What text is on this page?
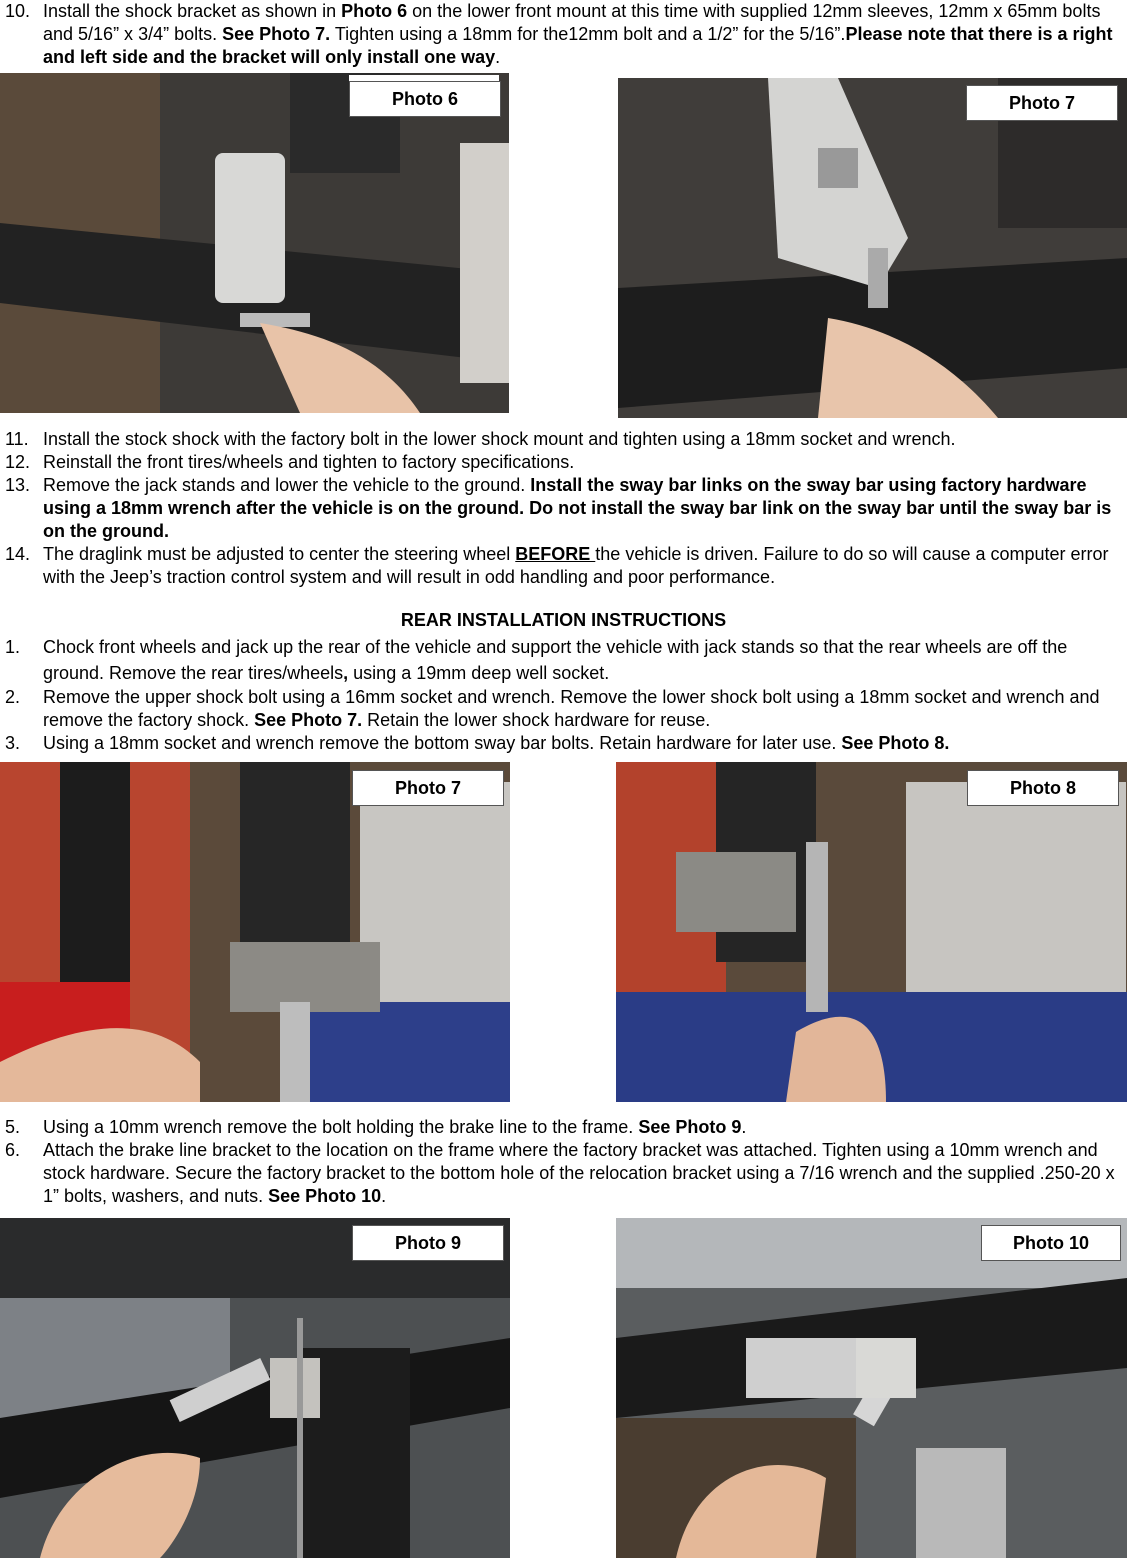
10. Install the shock bracket as shown in Photo 6 on the lower front mount at this time with supplied 12mm sleeves, 12mm x 65mm bolts and 5/16” x 3/4” bolts. See Photo 7. Tighten using a 18mm for the12mm bolt and a 1/2” for the 5/16”.Please note that there is a right and left side and the bracket will only install one way.

Photo 6	Photo 7

11. Install the stock shock with the factory bolt in the lower shock mount and tighten using a 18mm socket and wrench.

12. Reinstall the front tires/wheels and tighten to factory specifications.

13. Remove the jack stands and lower the vehicle to the ground. Install the sway bar links on the sway bar using factory hardware using a 18mm wrench after the vehicle is on the ground. Do not install the sway bar link on the sway bar until the sway bar is on the ground.

14. The draglink must be adjusted to center the steering wheel BEFORE the vehicle is driven. Failure to do so will cause a computer error with the Jeep’s traction control system and will result in odd handling and poor performance.

REAR INSTALLATION INSTRUCTIONS

1. Chock front wheels and jack up the rear of the vehicle and support the vehicle with jack stands so that the rear wheels are off the ground. Remove the rear tires/wheels, using a 19mm deep well socket.

2. Remove the upper shock bolt using a 16mm socket and wrench. Remove the lower shock bolt using a 18mm socket and wrench and remove the factory shock. See Photo 7. Retain the lower shock hardware for reuse.

3. Using a 18mm socket and wrench remove the bottom sway bar bolts. Retain hardware for later use. See Photo 8.

Photo 7	Photo 8

5. Using a 10mm wrench remove the bolt holding the brake line to the frame. See Photo 9.

6. Attach the brake line bracket to the location on the frame where the factory bracket was attached. Tighten using a 10mm wrench and stock hardware. Secure the factory bracket to the bottom hole of the relocation bracket using a 7/16 wrench and the supplied .250-20 x 1” bolts, washers, and nuts. See Photo 10.

Photo 9	Photo 10
